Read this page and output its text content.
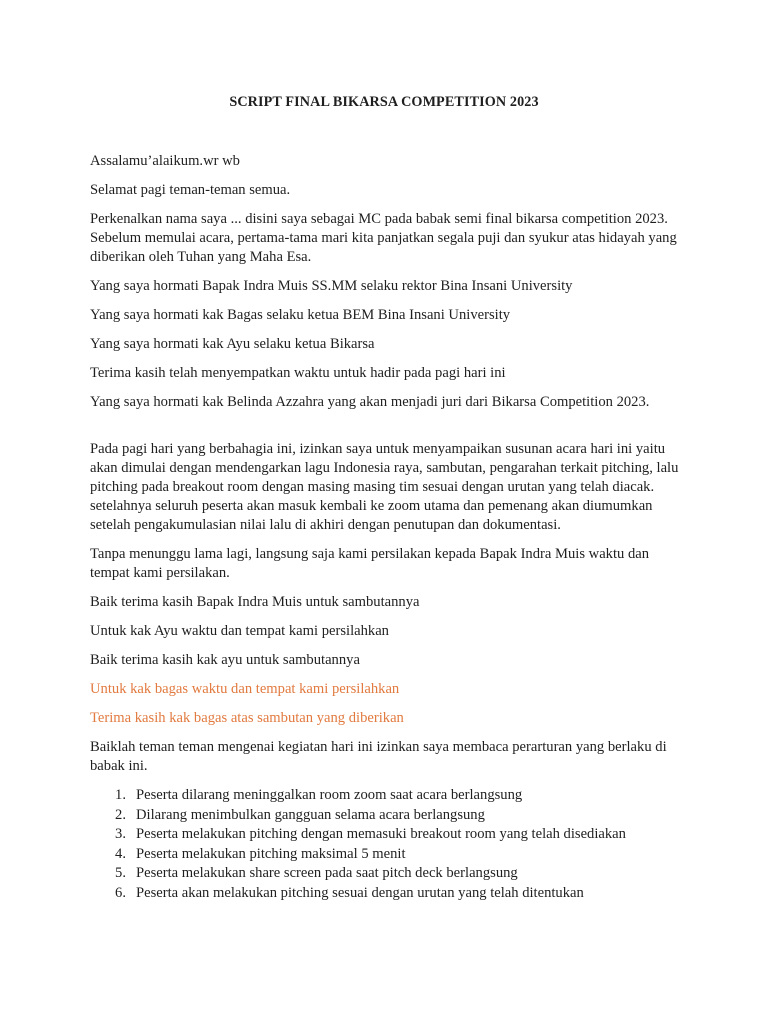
SCRIPT FINAL BIKARSA COMPETITION 2023

Assalamu’alaikum.wr wb

Selamat pagi teman-teman semua.

Perkenalkan nama saya ... disini saya sebagai MC pada babak semi final bikarsa competition 2023. Sebelum memulai acara, pertama-tama mari kita panjatkan segala puji dan syukur atas hidayah yang diberikan oleh Tuhan yang Maha Esa.

Yang saya hormati Bapak Indra Muis SS.MM selaku rektor Bina Insani University

Yang saya hormati kak Bagas selaku ketua BEM Bina Insani University

Yang saya hormati kak Ayu selaku ketua Bikarsa

Terima kasih telah menyempatkan waktu untuk hadir pada pagi hari ini

Yang saya hormati kak Belinda Azzahra yang akan menjadi juri dari Bikarsa Competition 2023.

Pada pagi hari yang berbahagia ini, izinkan saya untuk menyampaikan susunan acara hari ini yaitu akan dimulai dengan mendengarkan lagu Indonesia raya, sambutan, pengarahan terkait pitching, lalu pitching pada breakout room dengan masing masing tim sesuai dengan urutan yang telah diacak. setelahnya seluruh peserta akan masuk kembali ke zoom utama dan pemenang akan diumumkan setelah pengakumulasian nilai lalu di akhiri dengan penutupan dan dokumentasi.

Tanpa menunggu lama lagi, langsung saja kami persilakan kepada Bapak Indra Muis waktu dan tempat kami persilakan.

Baik terima kasih Bapak Indra Muis untuk sambutannya

Untuk kak Ayu waktu dan tempat kami persilahkan

Baik terima kasih kak ayu untuk sambutannya

Untuk kak bagas waktu dan tempat kami persilahkan

Terima kasih kak bagas atas sambutan yang diberikan

Baiklah teman teman mengenai kegiatan hari ini izinkan saya membaca perarturan yang berlaku di babak ini.

1. Peserta dilarang meninggalkan room zoom saat acara berlangsung
2. Dilarang menimbulkan gangguan selama acara berlangsung
3. Peserta melakukan pitching dengan memasuki breakout room yang telah disediakan
4. Peserta melakukan pitching maksimal 5 menit
5. Peserta melakukan share screen pada saat pitch deck berlangsung
6. Peserta akan melakukan pitching sesuai dengan urutan yang telah ditentukan
